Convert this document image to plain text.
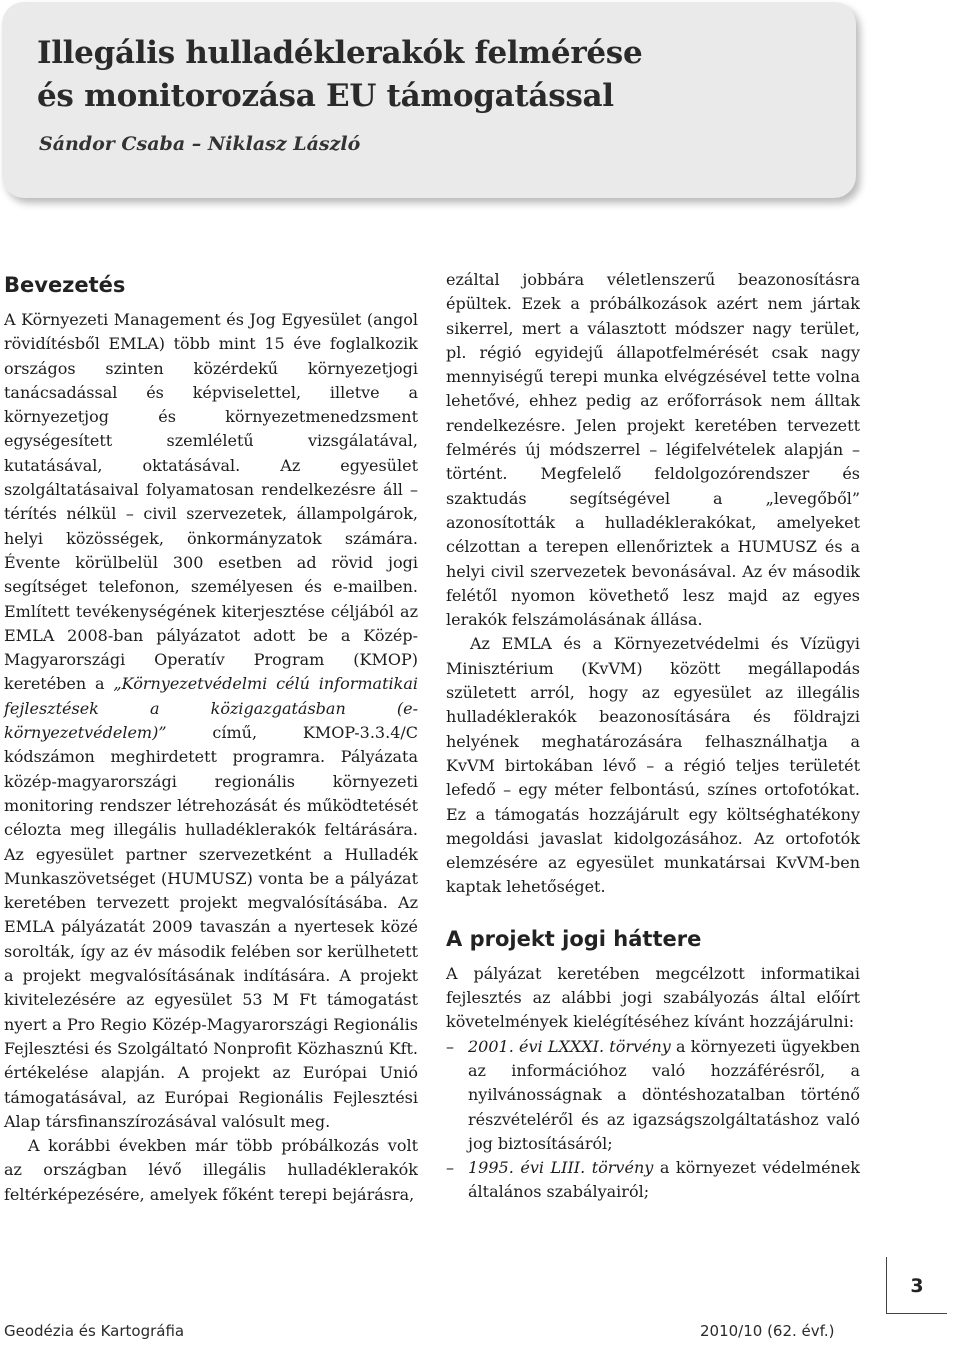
Illegális hulladéklerakók felmérése
és monitorozása EU támogatással
Sándor Csaba – Niklasz László
Bevezetés

A Környezeti Management és Jog Egyesület (angol rövidítésből EMLA) több mint 15 éve foglalkozik országos szinten közérdekű környezetjogi tanácsadással és képviselettel, illetve a környezetjog és környezetmenedzsment egységesített szemléletű vizsgálatával, kutatásával, oktatásával. Az egyesület szolgáltatásaival folyamatosan rendelkezésre áll – térítés nélkül – civil szervezetek, állampolgárok, helyi közösségek, önkormányzatok számára. Évente körülbelül 300 esetben ad rövid jogi segítséget telefonon, személyesen és e-mailben. Említett tevékenységének kiterjesztése céljából az EMLA 2008-ban pályázatot adott be a Közép-Magyarországi Operatív Program (KMOP) keretében a „Környezetvédelmi célú informatikai fejlesztések a közigazgatásban (e-környezetvédelem)” című, KMOP-3.3.4/C kódszámon meghirdetett programra. Pályázata közép-magyarországi regionális környezeti monitoring rendszer létrehozását és működtetését célozta meg illegális hulladéklerakók feltárására. Az egyesület partner szervezetként a Hulladék Munkaszövetséget (HUMUSZ) vonta be a pályázat keretében tervezett projekt megvalósításába. Az EMLA pályázatát 2009 tavaszán a nyertesek közé sorolták, így az év második felében sor kerülhetett a projekt megvalósításának indítására. A projekt kivitelezésére az egyesület 53 M Ft támogatást nyert a Pro Regio Közép-Magyarországi Regionális Fejlesztési és Szolgáltató Nonprofit Közhasznú Kft. értékelése alapján. A projekt az Európai Unió támogatásával, az Európai Regionális Fejlesztési Alap társfinanszírozásával valósult meg.

A korábbi években már több próbálkozás volt az országban lévő illegális hulladéklerakók feltérképezésére, amelyek főként terepi bejárásra,

ezáltal jobbára véletlenszerű beazonosításra épültek. Ezek a próbálkozások azért nem jártak sikerrel, mert a választott módszer nagy terület, pl. régió egyidejű állapotfelmérését csak nagy mennyiségű terepi munka elvégzésével tette volna lehetővé, ehhez pedig az erőforrások nem álltak rendelkezésre. Jelen projekt keretében tervezett felmérés új módszerrel – légifelvételek alapján – történt. Megfelelő feldolgozórendszer és szaktudás segítségével a „levegőből” azonosították a hulladéklerakókat, amelyeket célzottan a terepen ellenőriztek a HUMUSZ és a helyi civil szervezetek bevonásával. Az év második felétől nyomon követhető lesz majd az egyes lerakók felszámolásának állása.

Az EMLA és a Környezetvédelmi és Vízügyi Minisztérium (KvVM) között megállapodás született arról, hogy az egyesület az illegális hulladéklerakók beazonosítására és földrajzi helyének meghatározására felhasználhatja a KvVM birtokában lévő – a régió teljes területét lefedő – egy méter felbontású, színes ortofotókat. Ez a támogatás hozzájárult egy költséghatékony megoldási javaslat kidolgozásához. Az ortofotók elemzésére az egyesület munkatársai KvVM-ben kaptak lehetőséget.

A projekt jogi háttere

A pályázat keretében megcélzott informatikai fejlesztés az alábbi jogi szabályozás által előírt követelmények kielégítéséhez kívánt hozzájárulni:

– 2001. évi LXXXI. törvény a környezeti ügyekben az információhoz való hozzáférésről, a nyilvánosságnak a döntéshozatalban történő részvételéről és az igazságszolgáltatáshoz való jog biztosításáról;
– 1995. évi LIII. törvény a környezet védelmének általános szabályairól;
3
Geodézia és Kartográfia	2010/10 (62. évf.)
